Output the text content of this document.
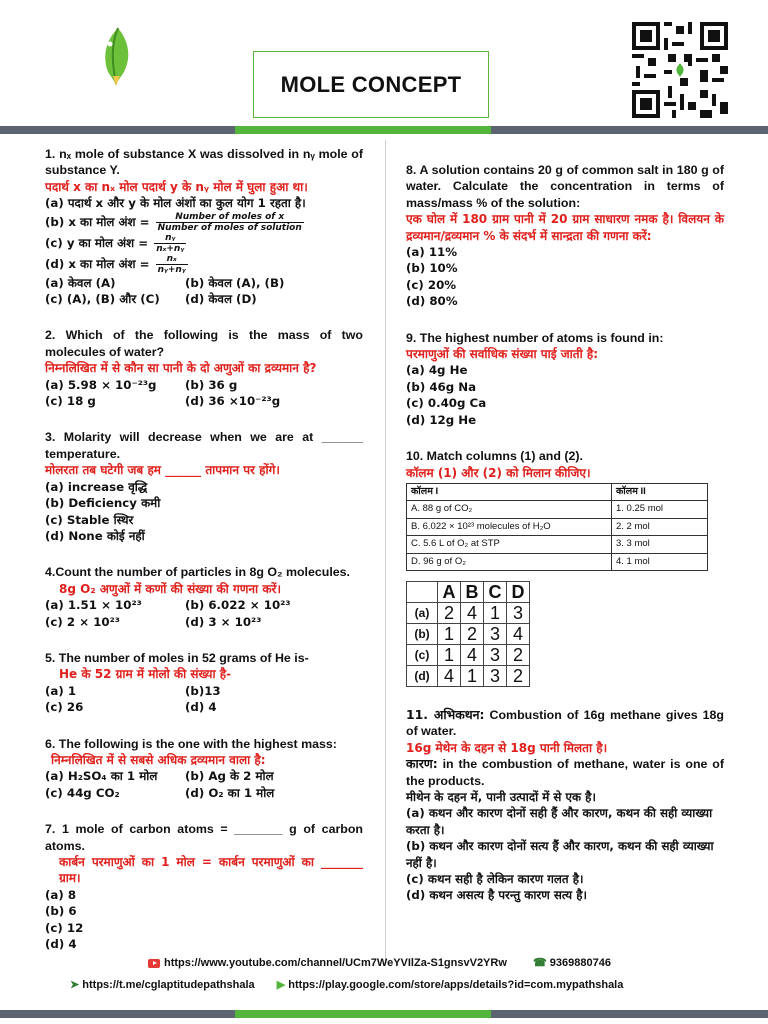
MOLE CONCEPT
1. nₓ mole of substance X was dissolved in nᵧ mole of substance Y.
पदार्थ x का nₓ मोल पदार्थ y के nᵧ मोल में घुला हुआ था।
(a) पदार्थ x और y के मोल अंशों का कुल योग 1 रहता है।
(b) x का मोल अंश = $\frac{\text{Number of moles of x}}{\text{Number of moles of solution}}$
(c) y का मोल अंश = $\frac{\text{nᵧ}}{\text{nₓ+nᵧ}}$
(d) x का मोल अंश = $\frac{\text{nₓ}}{\text{nᵧ+nᵧ}}$
(a) केवल (A)	(b) केवल (A), (B)
(c) (A), (B) और (C)	(d) केवल (D)
2. Which of the following is the mass of two molecules of water?
निम्नलिखित में से कौन सा पानी के दो अणुओं का द्रव्यमान है?
(a) 5.98 × 10⁻²³g	(b) 36 g
(c) 18 g	(d) 36 ×10⁻²³g
3. Molarity will decrease when we are at ______ temperature.
मोलरता तब घटेगी जब हम ______ तापमान पर होंगे।
(a) increase वृद्धि
(b) Deficiency कमी
(c) Stable स्थिर
(d) None कोई नहीं
4.Count the number of particles in 8g O₂ molecules.
8g O₂ अणुओं में कणों की संख्या की गणना करें।
(a) 1.51 × 10²³	(b) 6.022 × 10²³
(c) 2 × 10²³	(d) 3 × 10²³
5. The number of moles in 52 grams of He is-
He के 52 ग्राम में मोलो की संख्या है-
(a) 1	(b)13
(c) 26	(d) 4
6. The following is the one with the highest mass:
निम्नलिखित में से सबसे अधिक द्रव्यमान वाला है:
(a) H₂SO₄ का 1 मोल	(b) Ag के 2 मोल
(c) 44g CO₂	(d) O₂ का 1 मोल
7. 1 mole of carbon atoms = _______ g of carbon atoms.
कार्बन परमाणुओं का 1 मोल = कार्बन परमाणुओं का _______ ग्राम।
(a) 8
(b) 6
(c) 12
(d) 4
8. A solution contains 20 g of common salt in 180 g of water. Calculate the concentration in terms of mass/mass % of the solution:
एक घोल में 180 ग्राम पानी में 20 ग्राम साधारण नमक है। विलयन के द्रव्यमान/द्रव्यमान % के संदर्भ में सान्द्रता की गणना करें:
(a) 11%
(b) 10%
(c) 20%
(d) 80%
9. The highest number of atoms is found in:
परमाणुओं की सर्वाधिक संख्या पाई जाती है:
(a) 4g He
(b) 46g Na
(c) 0.40g Ca
(d) 12g He
10. Match columns (1) and (2).
कॉलम (1) और (2) को मिलान कीजिए।
कॉलम I	कॉलम II
A. 88 g of CO₂	1. 0.25 mol
B. 6.022 × 10²³ molecules of H₂O	2. 2 mol
C. 5.6 L of O₂ at STP	3. 3 mol
D. 96 g of O₂	4. 1 mol
	A	B	C	D
(a)	2	4	1	3
(b)	1	2	3	4
(c)	1	4	3	2
(d)	4	1	3	2
11. अभिकथन: Combustion of 16g methane gives 18g of water.
16g मेथेन के दहन से 18g पानी मिलता है।
कारण: in the combustion of methane, water is one of the products.
मीथेन के दहन में, पानी उत्पादों में से एक है।
(a) कथन और कारण दोनों सही हैं और कारण, कथन की सही व्याख्या करता है।
(b) कथन और कारण दोनों सत्य हैं और कारण, कथन की सही व्याख्या नहीं है।
(c) कथन सही है लेकिन कारण गलत है।
(d) कथन असत्य है परन्तु कारण सत्य है।
https://www.youtube.com/channel/UCm7WeYVIlZa-S1gnsvV2YRw ☎ 9369880746
➤ https://t.me/cglaptitudepathshala ▶ https://play.google.com/store/apps/details?id=com.mypathshala
